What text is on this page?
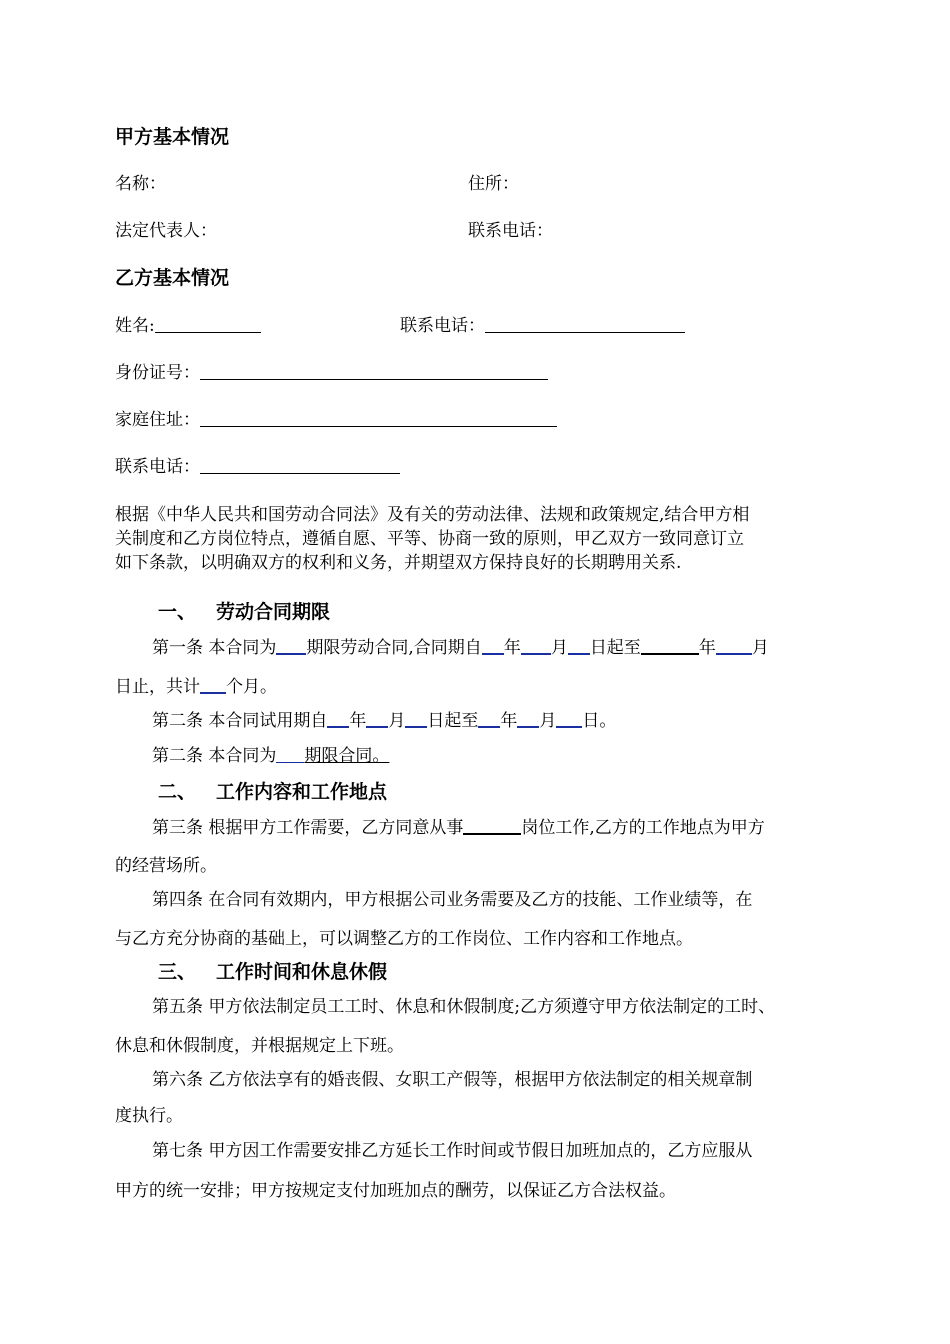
甲方基本情况
名称：	住所：
法定代表人：	联系电话：
乙方基本情况
姓名:	联系电话：
身份证号：
家庭住址：
联系电话：
根据《中华人民共和国劳动合同法》及有关的劳动法律、法规和政策规定,结合甲方相
关制度和乙方岗位特点，遵循自愿、平等、协商一致的原则，甲乙双方一致同意订立
如下条款，以明确双方的权利和义务，并期望双方保持良好的长期聘用关系.
一、 劳动合同期限
第一条 本合同为 期限劳动合同,合同期自 年 月 日起至	年 月
日止，共计 个月。
第二条 本合同试用期自 年 月 日起至 年 月 日。
第二条 本合同为 期限合同。
二、 工作内容和工作地点
第三条 根据甲方工作需要，乙方同意从事	岗位工作,乙方的工作地点为甲方
的经营场所。
第四条 在合同有效期内，甲方根据公司业务需要及乙方的技能、工作业绩等，在
与乙方充分协商的基础上，可以调整乙方的工作岗位、工作内容和工作地点。
三、 工作时间和休息休假
第五条 甲方依法制定员工工时、休息和休假制度;乙方须遵守甲方依法制定的工时、
休息和休假制度，并根据规定上下班。
第六条 乙方依法享有的婚丧假、女职工产假等，根据甲方依法制定的相关规章制
度执行。
第七条 甲方因工作需要安排乙方延长工作时间或节假日加班加点的，乙方应服从
甲方的统一安排；甲方按规定支付加班加点的酬劳，以保证乙方合法权益。
